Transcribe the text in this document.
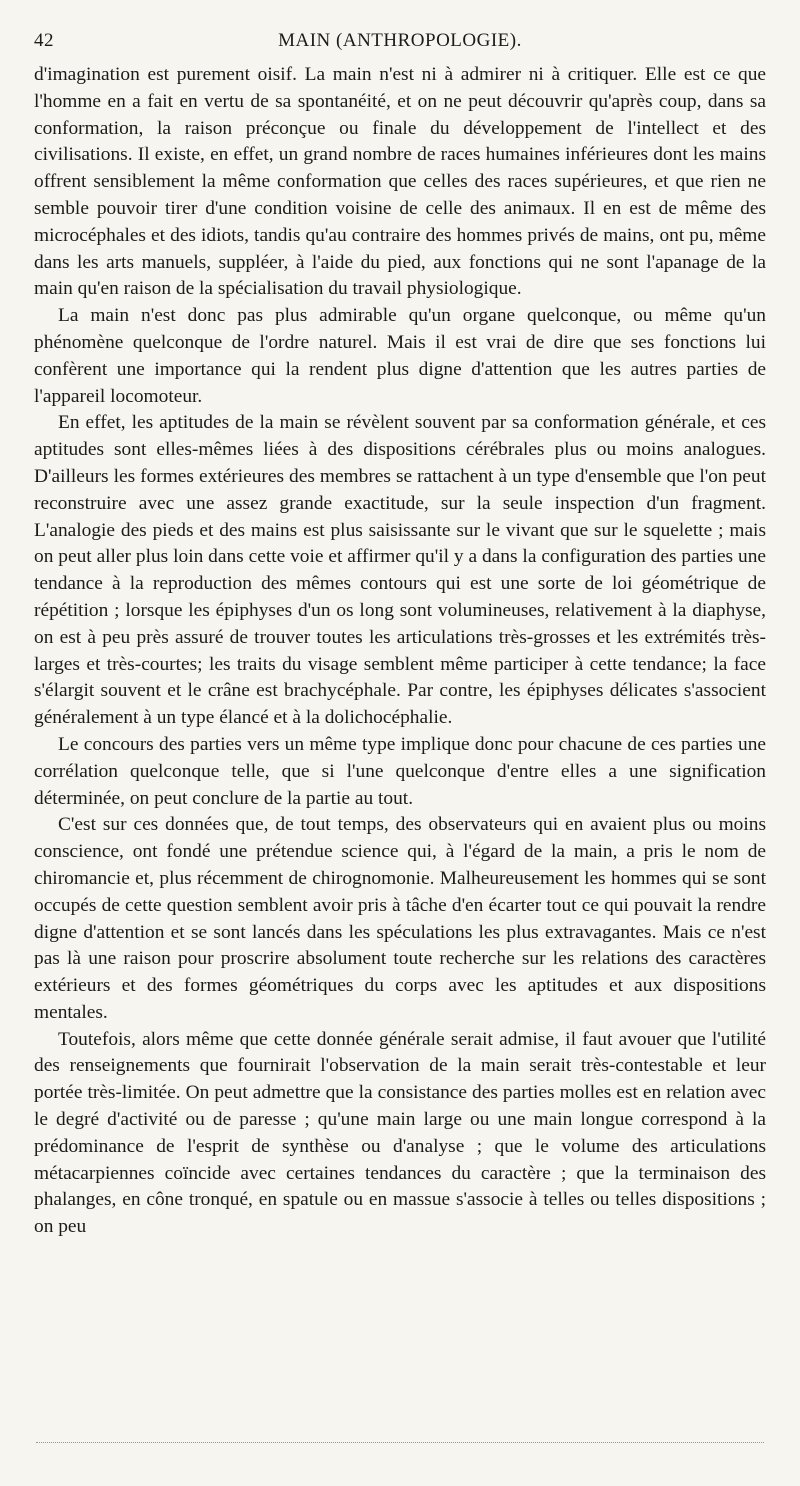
42	MAIN (ANTHROPOLOGIE).

d'imagination est purement oisif. La main n'est ni à admirer ni à critiquer. Elle est ce que l'homme en a fait en vertu de sa spontanéité, et on ne peut découvrir qu'après coup, dans sa conformation, la raison préconçue ou finale du développement de l'intellect et des civilisations. Il existe, en effet, un grand nombre de races humaines inférieures dont les mains offrent sensiblement la même conformation que celles des races supérieures, et que rien ne semble pouvoir tirer d'une condition voisine de celle des animaux. Il en est de même des microcéphales et des idiots, tandis qu'au contraire des hommes privés de mains, ont pu, même dans les arts manuels, suppléer, à l'aide du pied, aux fonctions qui ne sont l'apanage de la main qu'en raison de la spécialisation du travail physiologique.

La main n'est donc pas plus admirable qu'un organe quelconque, ou même qu'un phénomène quelconque de l'ordre naturel. Mais il est vrai de dire que ses fonctions lui confèrent une importance qui la rendent plus digne d'attention que les autres parties de l'appareil locomoteur.

En effet, les aptitudes de la main se révèlent souvent par sa conformation générale, et ces aptitudes sont elles-mêmes liées à des dispositions cérébrales plus ou moins analogues. D'ailleurs les formes extérieures des membres se rattachent à un type d'ensemble que l'on peut reconstruire avec une assez grande exactitude, sur la seule inspection d'un fragment. L'analogie des pieds et des mains est plus saisissante sur le vivant que sur le squelette ; mais on peut aller plus loin dans cette voie et affirmer qu'il y a dans la configuration des parties une tendance à la reproduction des mêmes contours qui est une sorte de loi géométrique de répétition ; lorsque les épiphyses d'un os long sont volumineuses, relativement à la diaphyse, on est à peu près assuré de trouver toutes les articulations très-grosses et les extrémités très-larges et très-courtes; les traits du visage semblent même participer à cette tendance; la face s'élargit souvent et le crâne est brachycéphale. Par contre, les épiphyses délicates s'associent généralement à un type élancé et à la dolichocéphalie.

Le concours des parties vers un même type implique donc pour chacune de ces parties une corrélation quelconque telle, que si l'une quelconque d'entre elles a une signification déterminée, on peut conclure de la partie au tout.

C'est sur ces données que, de tout temps, des observateurs qui en avaient plus ou moins conscience, ont fondé une prétendue science qui, à l'égard de la main, a pris le nom de chiromancie et, plus récemment de chirognomonie. Malheureusement les hommes qui se sont occupés de cette question semblent avoir pris à tâche d'en écarter tout ce qui pouvait la rendre digne d'attention et se sont lancés dans les spéculations les plus extravagantes. Mais ce n'est pas là une raison pour proscrire absolument toute recherche sur les relations des caractères extérieurs et des formes géométriques du corps avec les aptitudes et aux dispositions mentales.

Toutefois, alors même que cette donnée générale serait admise, il faut avouer que l'utilité des renseignements que fournirait l'observation de la main serait très-contestable et leur portée très-limitée. On peut admettre que la consistance des parties molles est en relation avec le degré d'activité ou de paresse ; qu'une main large ou une main longue correspond à la prédominance de l'esprit de synthèse ou d'analyse ; que le volume des articulations métacarpiennes coïncide avec certaines tendances du caractère ; que la terminaison des phalanges, en cône tronqué, en spatule ou en massue s'associe à telles ou telles dispositions ; on peu
